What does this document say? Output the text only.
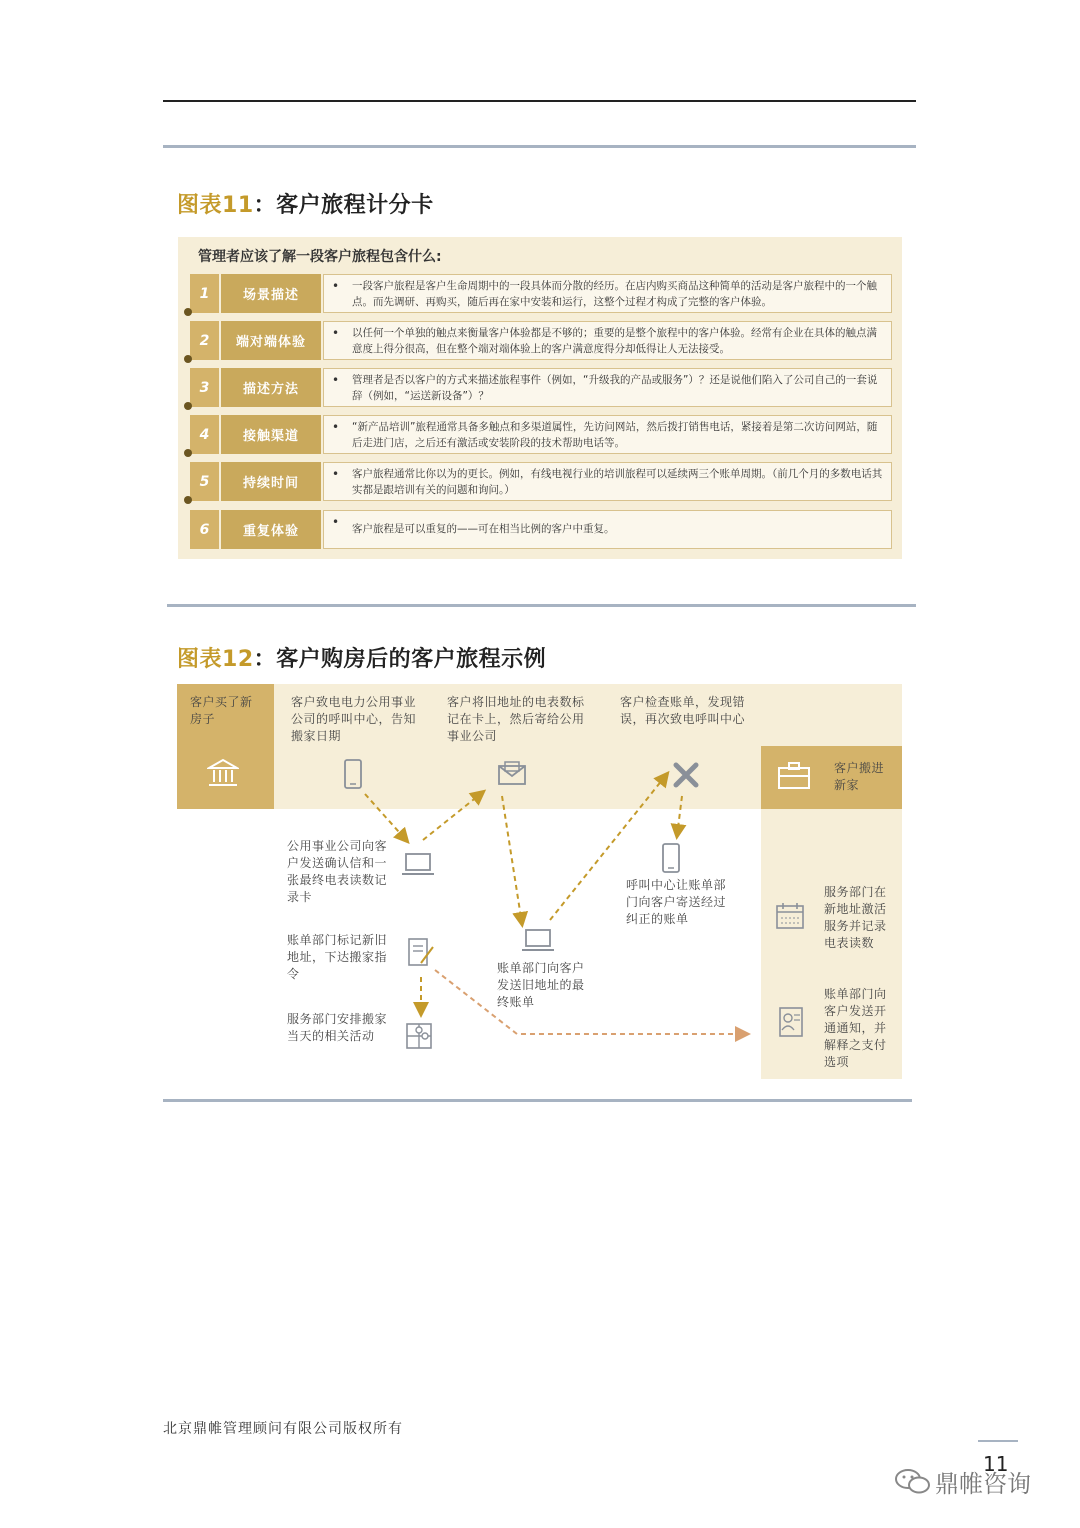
图表11：客户旅程计分卡
管理者应该了解一段客户旅程包含什么:
1	场景描述
• 一段客户旅程是客户生命周期中的一段具体而分散的经历。在店内购买商品这种简单的活动是客户旅程中的一个触点。而先调研、再购买，随后再在家中安装和运行，这整个过程才构成了完整的客户体验。
2	端对端体验
• 以任何一个单独的触点来衡量客户体验都是不够的；重要的是整个旅程中的客户体验。经常有企业在具体的触点满意度上得分很高，但在整个端对端体验上的客户满意度得分却低得让人无法接受。
3	描述方法
• 管理者是否以客户的方式来描述旅程事件（例如，“升级我的产品或服务”）？还是说他们陷入了公司自己的一套说辞（例如，“运送新设备”）？
4	接触渠道
• “新产品培训”旅程通常具备多触点和多渠道属性，先访问网站，然后拨打销售电话，紧接着是第二次访问网站，随后走进门店，之后还有激活或安装阶段的技术帮助电话等。
5	持续时间
• 客户旅程通常比你以为的更长。例如，有线电视行业的培训旅程可以延续两三个账单周期。（前几个月的多数电话其实都是跟培训有关的问题和询问。）
6	重复体验
• 客户旅程是可以重复的——可在相当比例的客户中重复。
图表12：客户购房后的客户旅程示例
客户买了新房子
客户致电电力公用事业公司的呼叫中心，告知搬家日期
客户将旧地址的电表数标记在卡上，然后寄给公用事业公司
客户检查账单，发现错误，再次致电呼叫中心
客户搬进新家
公用事业公司向客户发送确认信和一张最终电表读数记录卡
账单部门标记新旧地址，下达搬家指令
服务部门安排搬家当天的相关活动
账单部门向客户发送旧地址的最终账单
呼叫中心让账单部门向客户寄送经过纠正的账单
服务部门在新地址激活服务并记录电表读数
账单部门向客户发送开通通知，并解释之支付选项
北京鼎帷管理顾问有限公司版权所有
11
鼎帷咨询
